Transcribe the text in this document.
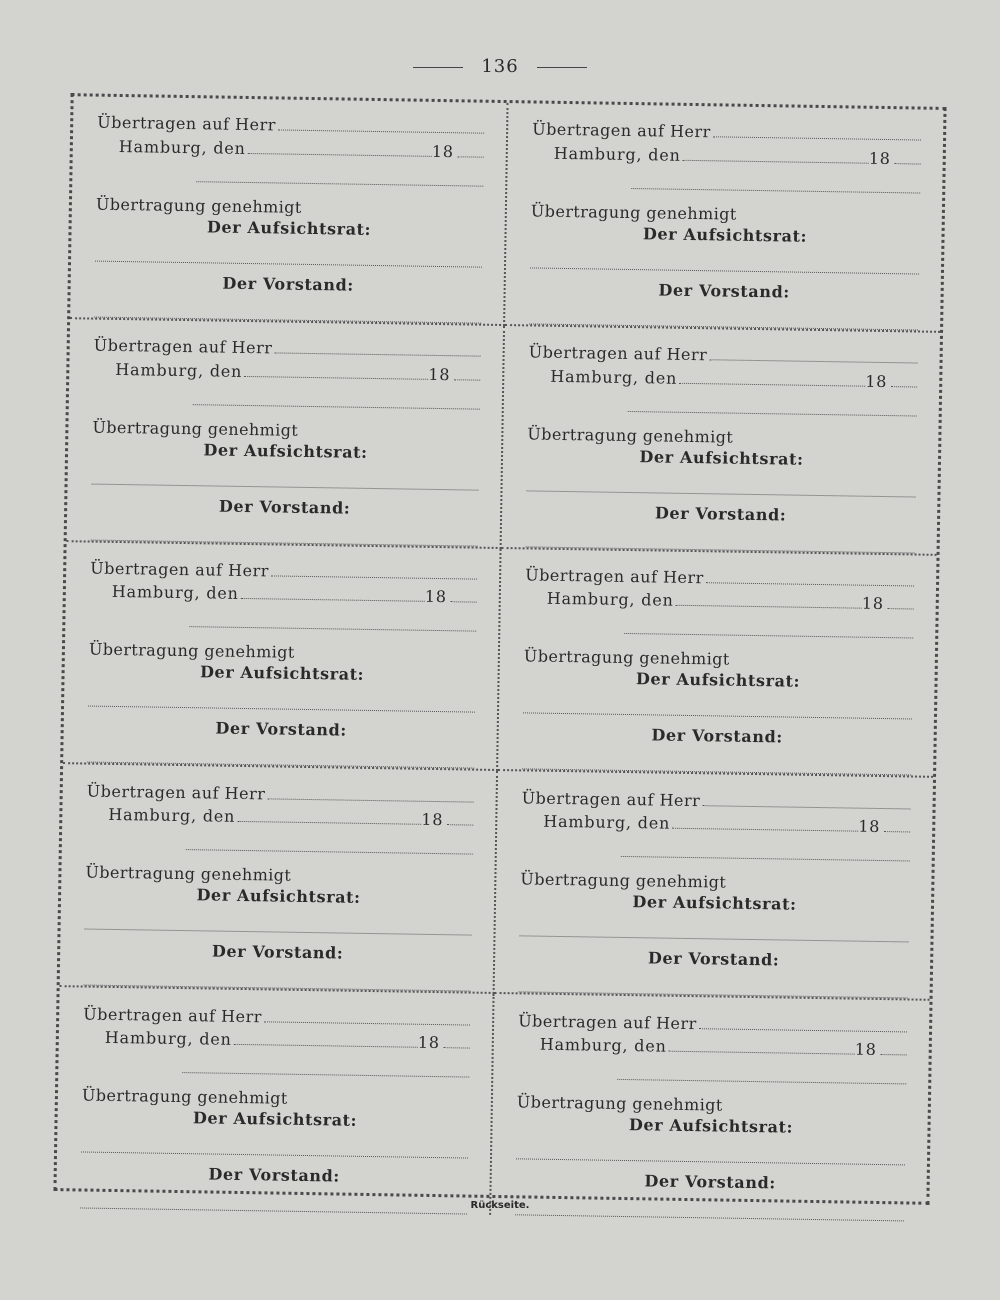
136
Übertragen auf Herr
Hamburg, den	18
Übertragung genehmigt
Der Aufsichtsrat:
Der Vorstand:
Übertragen auf Herr
Hamburg, den	18
Übertragung genehmigt
Der Aufsichtsrat:
Der Vorstand:
Übertragen auf Herr
Hamburg, den	18
Übertragung genehmigt
Der Aufsichtsrat:
Der Vorstand:
Übertragen auf Herr
Hamburg, den	18
Übertragung genehmigt
Der Aufsichtsrat:
Der Vorstand:
Übertragen auf Herr
Hamburg, den	18
Übertragung genehmigt
Der Aufsichtsrat:
Der Vorstand:
Übertragen auf Herr
Hamburg, den	18
Übertragung genehmigt
Der Aufsichtsrat:
Der Vorstand:
Übertragen auf Herr
Hamburg, den	18
Übertragung genehmigt
Der Aufsichtsrat:
Der Vorstand:
Übertragen auf Herr
Hamburg, den	18
Übertragung genehmigt
Der Aufsichtsrat:
Der Vorstand:
Übertragen auf Herr
Hamburg, den	18
Übertragung genehmigt
Der Aufsichtsrat:
Der Vorstand:
Übertragen auf Herr
Hamburg, den	18
Übertragung genehmigt
Der Aufsichtsrat:
Der Vorstand:
Rückseite.
